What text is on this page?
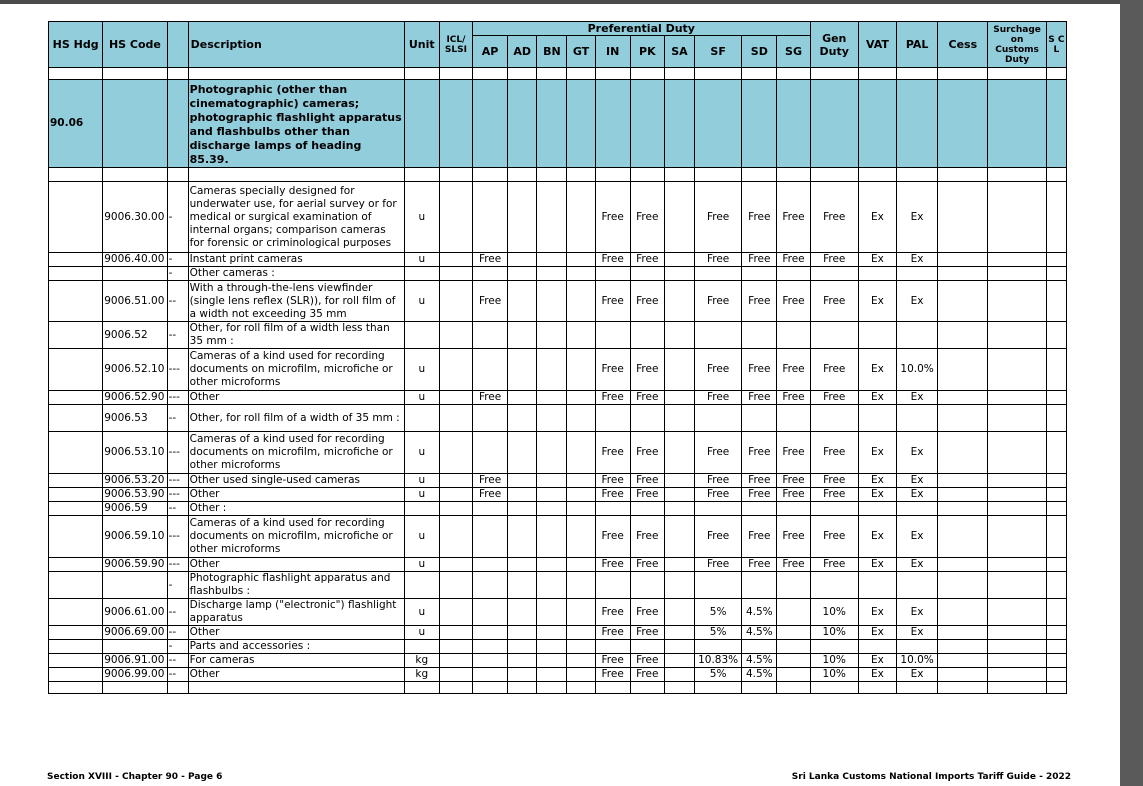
HS Hdg	HS Code		Description	Unit	ICL/ SLSI	Preferential Duty										Gen Duty	VAT	PAL	Cess	Surchage on Customs Duty	S C L
						AP	AD	BN	GT	IN	PK	SA	SF	SD	SG						

90.06			Photographic (other than cinematographic) cameras; photographic flashlight apparatus and flashbulbs other than discharge lamps of heading 85.39.																		

	9006.30.00	-	Cameras specially designed for underwater use, for aerial survey or for medical or surgical examination of internal organs; comparison cameras for forensic or criminological purposes	u						Free	Free		Free	Free	Free	Free	Ex	Ex			
	9006.40.00	-	Instant print cameras	u		Free				Free	Free		Free	Free	Free	Free	Ex	Ex			
		-	Other cameras :																		
	9006.51.00	--	With a through-the-lens viewfinder (single lens reflex (SLR)), for roll film of a width not exceeding 35 mm	u		Free				Free	Free		Free	Free	Free	Free	Ex	Ex			
	9006.52	--	Other, for roll film of a width less than 35 mm :																		
	9006.52.10	---	Cameras of a kind used for recording documents on microfilm, microfiche or other microforms	u						Free	Free		Free	Free	Free	Free	Ex	10.0%			
	9006.52.90	---	Other	u		Free				Free	Free		Free	Free	Free	Free	Ex	Ex			
	9006.53	--	Other, for roll film of a width of 35 mm :																		
	9006.53.10	---	Cameras of a kind used for recording documents on microfilm, microfiche or other microforms	u						Free	Free		Free	Free	Free	Free	Ex	Ex			
	9006.53.20	---	Other used single-used cameras	u		Free				Free	Free		Free	Free	Free	Free	Ex	Ex			
	9006.53.90	---	Other	u		Free				Free	Free		Free	Free	Free	Free	Ex	Ex			
	9006.59	--	Other :																		
	9006.59.10	---	Cameras of a kind used for recording documents on microfilm, microfiche or other microforms	u						Free	Free		Free	Free	Free	Free	Ex	Ex			
	9006.59.90	---	Other	u						Free	Free		Free	Free	Free	Free	Ex	Ex			
		-	Photographic flashlight apparatus and flashbulbs :																		
	9006.61.00	--	Discharge lamp ("electronic") flashlight apparatus	u						Free	Free		5%	4.5%		10%	Ex	Ex			
	9006.69.00	--	Other	u						Free	Free		5%	4.5%		10%	Ex	Ex			
		-	Parts and accessories :																		
	9006.91.00	--	For cameras	kg						Free	Free		10.83%	4.5%		10%	Ex	10.0%			
	9006.99.00	--	Other	kg						Free	Free		5%	4.5%		10%	Ex	Ex			

Section XVIII - Chapter 90 - Page 6	Sri Lanka Customs National Imports Tariff Guide - 2022
